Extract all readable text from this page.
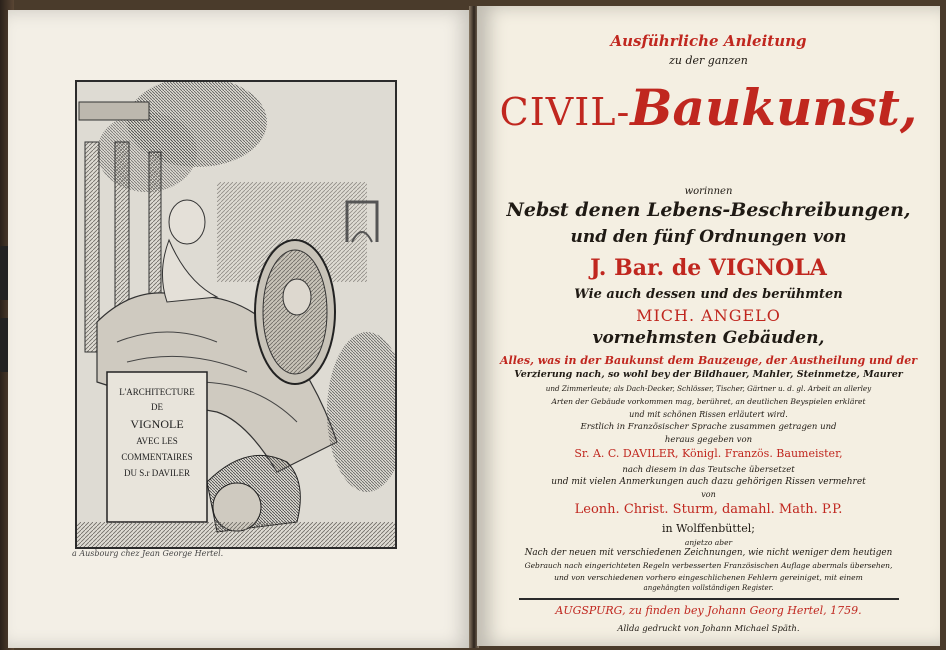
L'ARCHITECTURE
DE
VIGNOLE
AVEC LES
COMMENTAIRES
DU S.r DAVILER
a Ausbourg chez Jean George Hertel.
Ausführliche Anleitung
zu der ganzen
CIVIL-Baukunst,
worinnen
Nebst denen Lebens-Beschreibungen,
und den fünf Ordnungen von
J. Bar. de VIGNOLA
Wie auch dessen und des berühmten
MICH. ANGELO
vornehmsten Gebäuden,
Alles, was in der Baukunst dem Bauzeuge, der Austheilung und der
Verzierung nach, so wohl bey der Bildhauer, Mahler, Steinmetze, Maurer
und Zimmerleute; als Dach-Decker, Schlösser, Tischer, Gärtner u. d. gl. Arbeit an allerley
Arten der Gebäude vorkommen mag, berühret, an deutlichen Beyspielen erkläret
und mit schönen Rissen erläutert wird.
Erstlich in Französischer Sprache zusammen getragen und
heraus gegeben von
Sr. A. C. DAVILER, Königl. Französ. Baumeister,
nach diesem in das Teutsche übersetzet
und mit vielen Anmerkungen auch dazu gehörigen Rissen vermehret
von
Leonh. Christ. Sturm, damahl. Math. P.P.
in Wolffenbüttel;
anjetzo aber
Nach der neuen mit verschiedenen Zeichnungen, wie nicht weniger dem heutigen
Gebrauch nach eingerichteten Regeln verbesserten Französischen Auflage abermals übersehen,
und von verschiedenen vorhero eingeschlichenen Fehlern gereiniget, mit einem
angehängten vollständigen Register.
AUGSPURG, zu finden bey Johann Georg Hertel, 1759.
Allda gedruckt von Johann Michael Späth.
